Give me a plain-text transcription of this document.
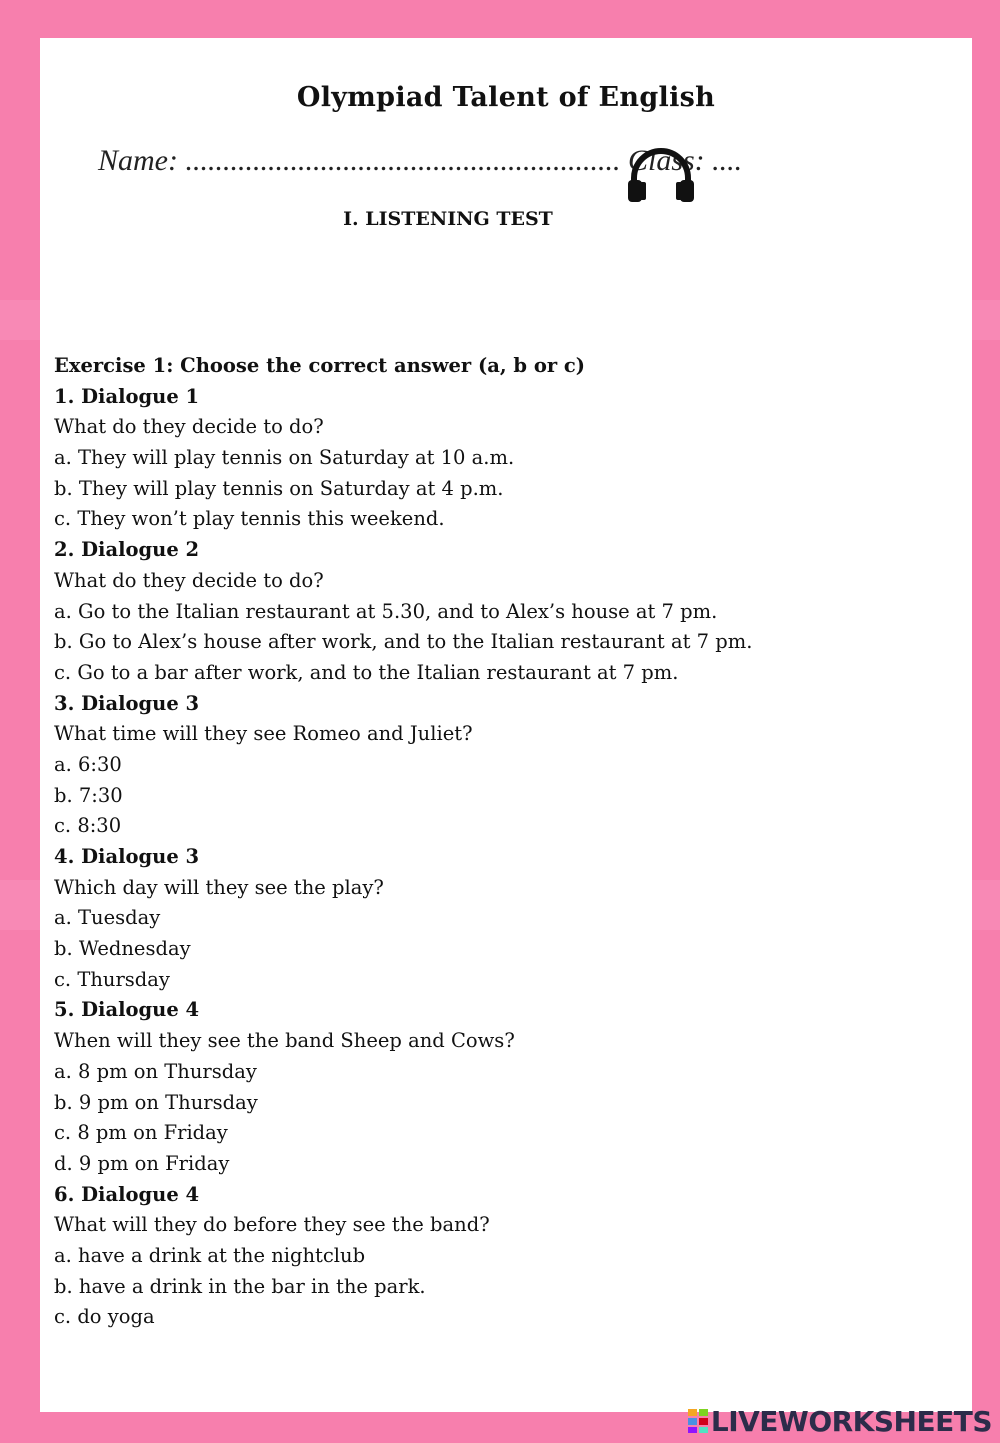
Olympiad Talent of English
Name: .......................................................... Class: ....
I. LISTENING TEST
Exercise 1: Choose the correct answer (a, b or c)
1. Dialogue 1
What do they decide to do?
a. They will play tennis on Saturday at 10 a.m.
b. They will play tennis on Saturday at 4 p.m.
c. They won’t play tennis this weekend.
2. Dialogue 2
What do they decide to do?
a. Go to the Italian restaurant at 5.30, and to Alex’s house at 7 pm.
b. Go to Alex’s house after work, and to the Italian restaurant at 7 pm.
c. Go to a bar after work, and to the Italian restaurant at 7 pm.
3. Dialogue 3
What time will they see Romeo and Juliet?
a. 6:30
b. 7:30
c. 8:30
4. Dialogue 3
Which day will they see the play?
a. Tuesday
b. Wednesday
c. Thursday
5. Dialogue 4
When will they see the band Sheep and Cows?
a. 8 pm on Thursday
b. 9 pm on Thursday
c. 8 pm on Friday
d. 9 pm on Friday
6. Dialogue 4
What will they do before they see the band?
a. have a drink at the nightclub
b. have a drink in the bar in the park.
c. do yoga
LIVEWORKSHEETS
